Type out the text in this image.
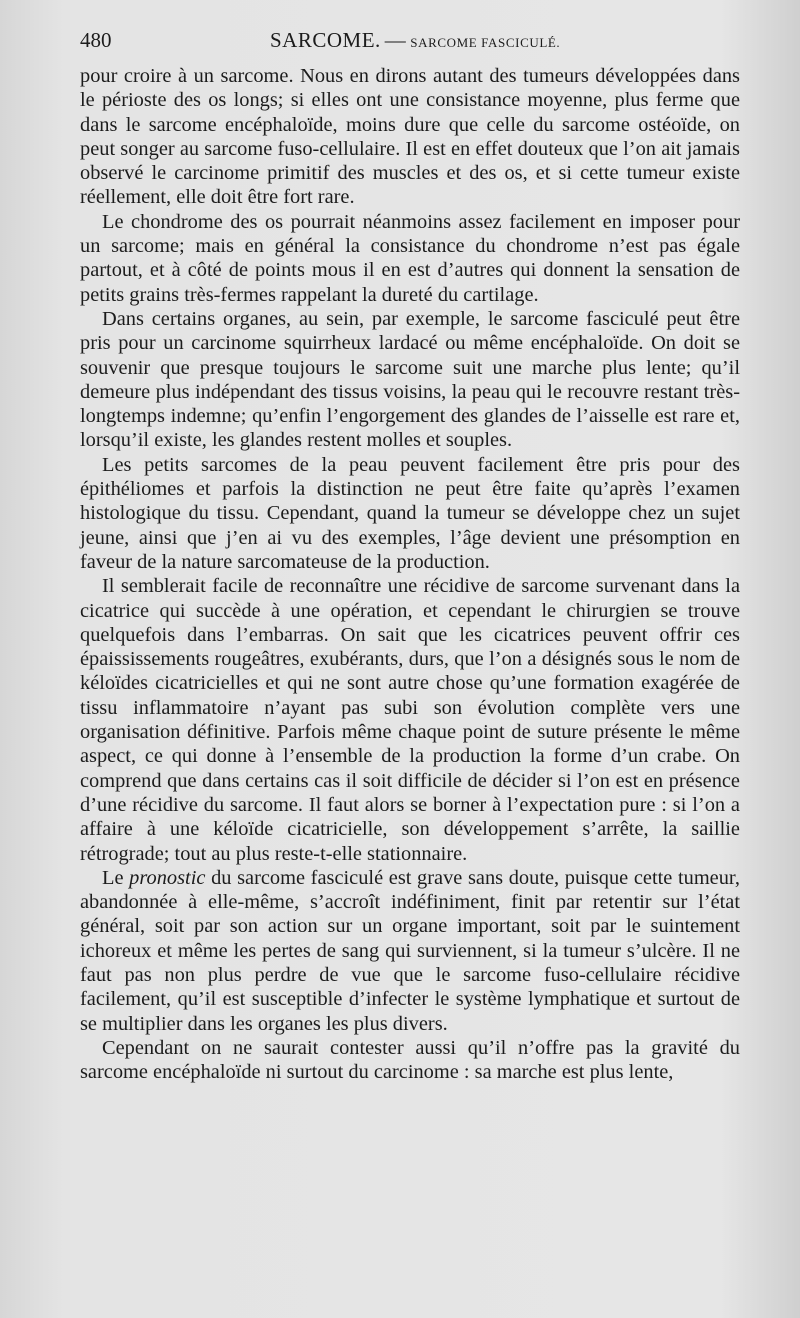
480	SARCOME. — SARCOME FASCICULÉ.

pour croire à un sarcome. Nous en dirons autant des tumeurs développées dans le périoste des os longs; si elles ont une consistance moyenne, plus ferme que dans le sarcome encéphaloïde, moins dure que celle du sarcome ostéoïde, on peut songer au sarcome fuso-cellulaire. Il est en effet douteux que l’on ait jamais observé le carcinome primitif des muscles et des os, et si cette tumeur existe réellement, elle doit être fort rare.

Le chondrome des os pourrait néanmoins assez facilement en imposer pour un sarcome; mais en général la consistance du chondrome n’est pas égale partout, et à côté de points mous il en est d’autres qui donnent la sensation de petits grains très-fermes rappelant la dureté du cartilage.

Dans certains organes, au sein, par exemple, le sarcome fasciculé peut être pris pour un carcinome squirrheux lardacé ou même encéphaloïde. On doit se souvenir que presque toujours le sarcome suit une marche plus lente; qu’il demeure plus indépendant des tissus voisins, la peau qui le recouvre restant très-longtemps indemne; qu’enfin l’engorgement des glandes de l’aisselle est rare et, lorsqu’il existe, les glandes restent molles et souples.

Les petits sarcomes de la peau peuvent facilement être pris pour des épithéliomes et parfois la distinction ne peut être faite qu’après l’examen histologique du tissu. Cependant, quand la tumeur se développe chez un sujet jeune, ainsi que j’en ai vu des exemples, l’âge devient une présomption en faveur de la nature sarcomateuse de la production.

Il semblerait facile de reconnaître une récidive de sarcome survenant dans la cicatrice qui succède à une opération, et cependant le chirurgien se trouve quelquefois dans l’embarras. On sait que les cicatrices peuvent offrir ces épaississements rougeâtres, exubérants, durs, que l’on a désignés sous le nom de kéloïdes cicatricielles et qui ne sont autre chose qu’une formation exagérée de tissu inflammatoire n’ayant pas subi son évolution complète vers une organisation définitive. Parfois même chaque point de suture présente le même aspect, ce qui donne à l’ensemble de la production la forme d’un crabe. On comprend que dans certains cas il soit difficile de décider si l’on est en présence d’une récidive du sarcome. Il faut alors se borner à l’expectation pure : si l’on a affaire à une kéloïde cicatricielle, son développement s’arrête, la saillie rétrograde; tout au plus reste-t-elle stationnaire.

Le pronostic du sarcome fasciculé est grave sans doute, puisque cette tumeur, abandonnée à elle-même, s’accroît indéfiniment, finit par retentir sur l’état général, soit par son action sur un organe important, soit par le suintement ichoreux et même les pertes de sang qui surviennent, si la tumeur s’ulcère. Il ne faut pas non plus perdre de vue que le sarcome fuso-cellulaire récidive facilement, qu’il est susceptible d’infecter le système lymphatique et surtout de se multiplier dans les organes les plus divers.

Cependant on ne saurait contester aussi qu’il n’offre pas la gravité du sarcome encéphaloïde ni surtout du carcinome : sa marche est plus lente,
